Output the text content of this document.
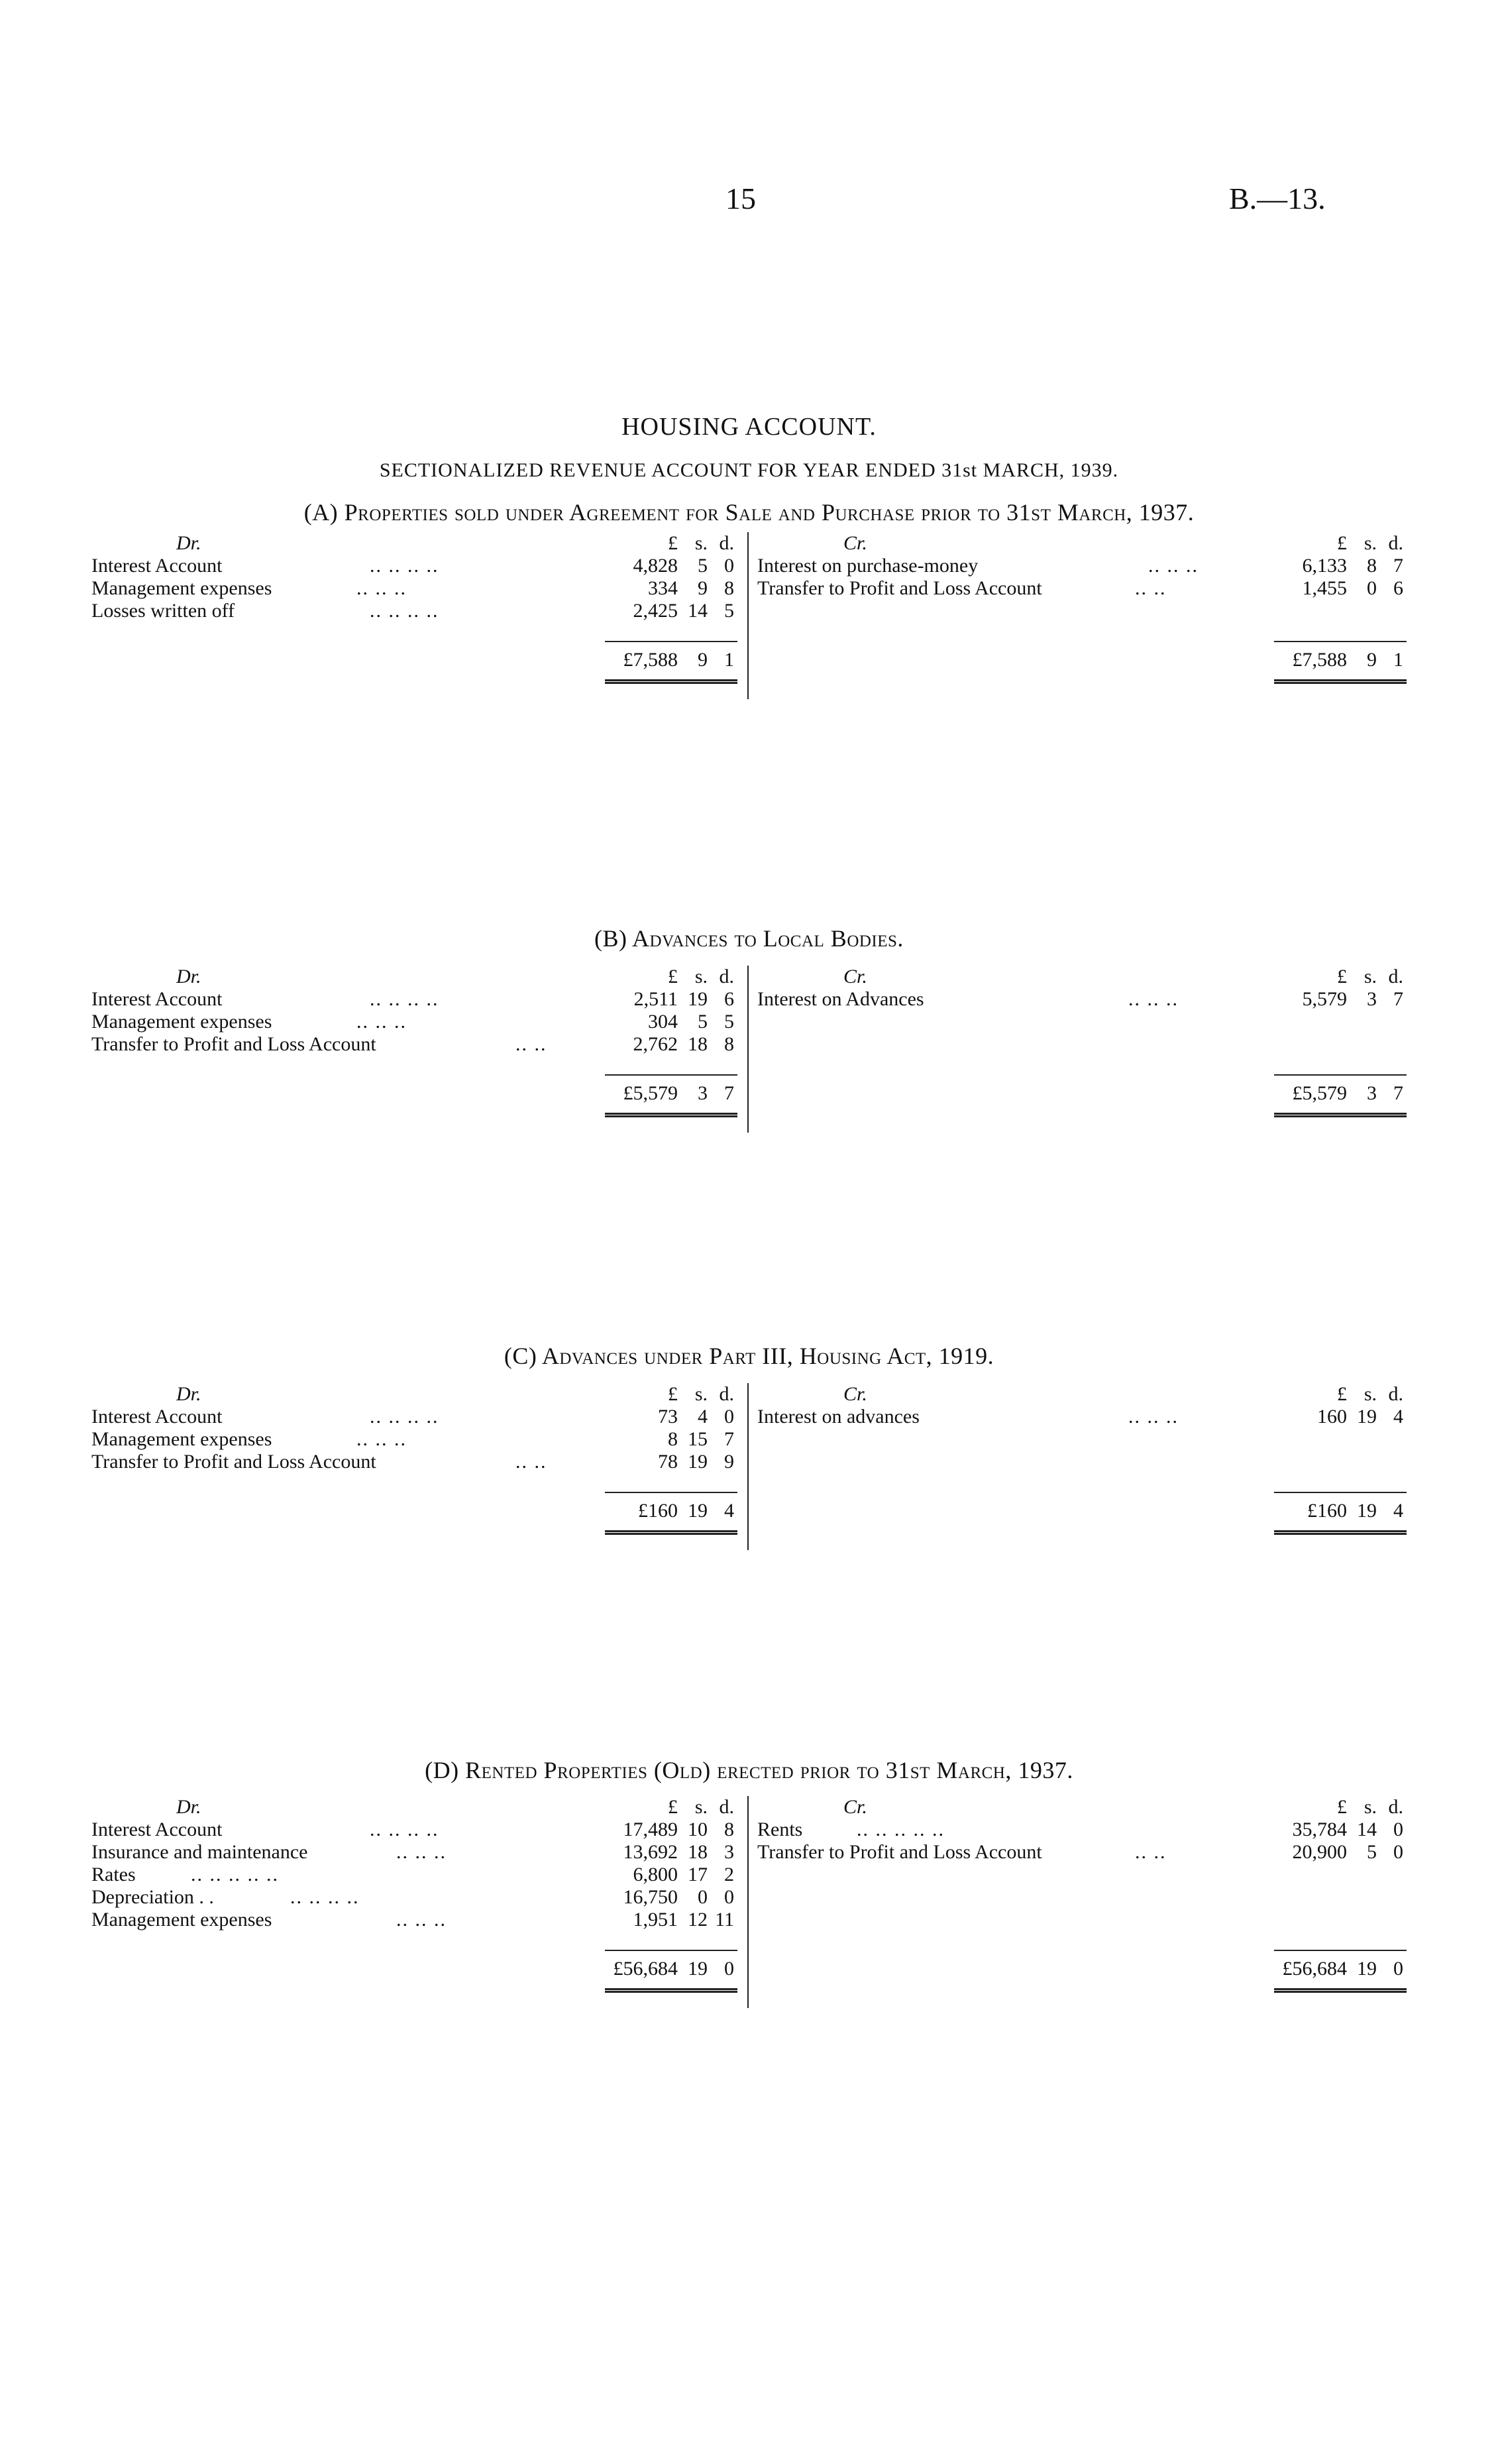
15	B.—13.
HOUSING ACCOUNT.
SECTIONALIZED REVENUE ACCOUNT FOR YEAR ENDED 31st MARCH, 1939.
(A) Properties sold under Agreement for Sale and Purchase prior to 31st March, 1937.
Dr.	£ s. d.
Interest Account	.. .. .. ..	4,828	5 0
Management expenses	.. .. ..	334	9 8
Losses written off	.. .. .. ..	2,425 14 5
£7,588	9 1
Cr.	£ s. d.
Interest on purchase-money	.. .. ..	6,133	8 7
Transfer to Profit and Loss Account	.. ..	1,455	0 6
£7,588	9 1
(B) Advances to Local Bodies.
Dr.	£ s. d.
Interest Account	.. .. .. ..	2,511 19 6
Management expenses	.. .. ..	304	5 5
Transfer to Profit and Loss Account	.. ..	2,762 18 8
£5,579	3 7
Cr.	£ s. d.
Interest on Advances	.. .. ..	5,579	3 7
£5,579	3 7
(C) Advances under Part III, Housing Act, 1919.
Dr.	£ s. d.
Interest Account	.. .. .. ..	73	4 0
Management expenses	.. .. ..	8 15 7
Transfer to Profit and Loss Account	.. ..	78 19 9
£160 19 4
Cr.	£ s. d.
Interest on advances	.. .. ..	160 19 4
£160 19 4
(D) Rented Properties (Old) erected prior to 31st March, 1937.
Dr.	£ s. d.
Interest Account	.. .. .. ..	17,489 10 8
Insurance and maintenance	.. .. ..	13,692 18 3
Rates	.. .. .. .. ..	6,800 17 2
Depreciation . .	.. .. .. ..	16,750	0 0
Management expenses	.. .. ..	1,951 12 11
£56,684 19 0
Cr.	£ s. d.
Rents	.. .. .. .. ..	35,784 14 0
Transfer to Profit and Loss Account	.. ..	20,900	5 0
£56,684 19 0
